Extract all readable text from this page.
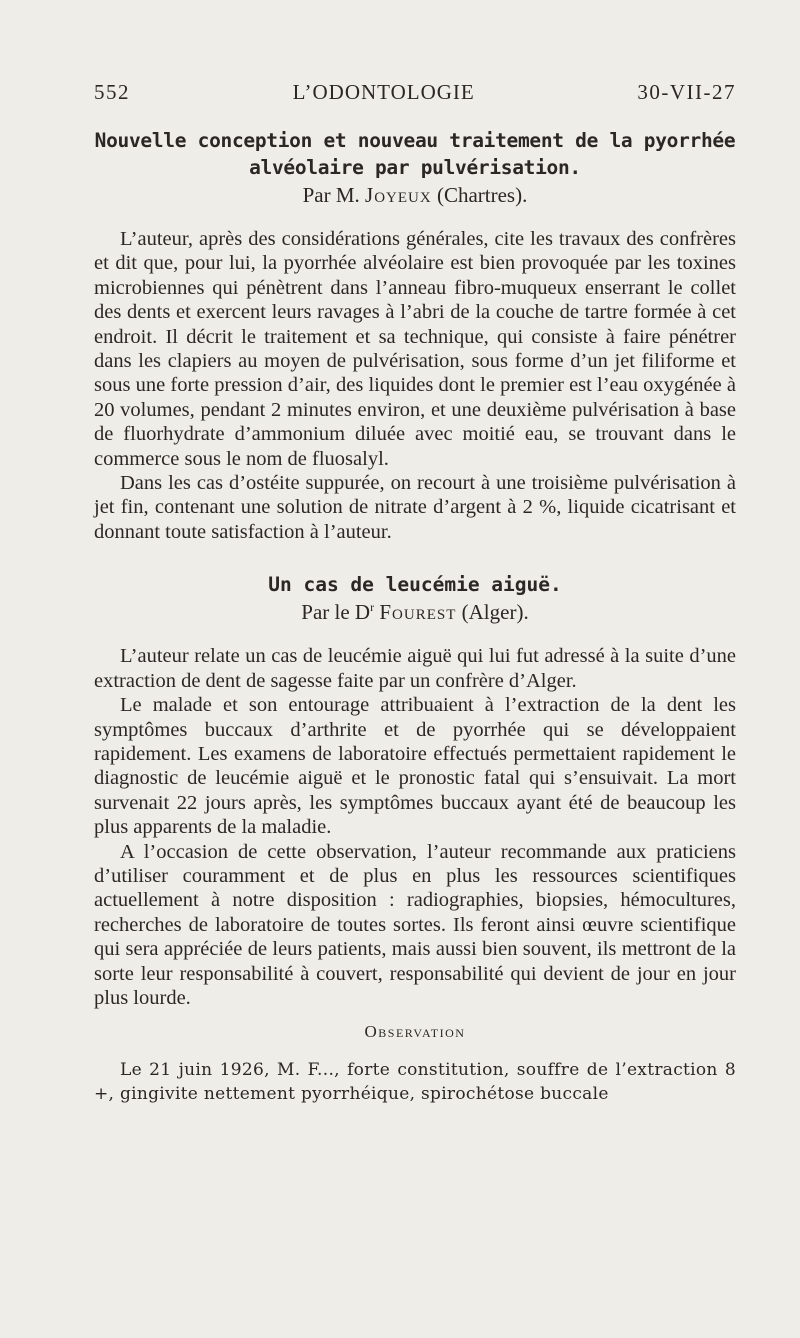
552	L’ODONTOLOGIE	30-VII-27
Nouvelle conception et nouveau traitement de la pyorrhée
alvéolaire par pulvérisation.

Par M. Joyeux (Chartres).

L’auteur, après des considérations générales, cite les travaux des confrères et dit que, pour lui, la pyorrhée alvéolaire est bien provoquée par les toxines microbiennes qui pénètrent dans l’anneau fibro-muqueux enserrant le collet des dents et exercent leurs ravages à l’abri de la couche de tartre formée à cet endroit. Il décrit le traitement et sa technique, qui consiste à faire pénétrer dans les clapiers au moyen de pulvérisation, sous forme d’un jet filiforme et sous une forte pression d’air, des liquides dont le premier est l’eau oxygénée à 20 volumes, pendant 2 minutes environ, et une deuxième pulvérisation à base de fluorhydrate d’ammonium diluée avec moitié eau, se trouvant dans le commerce sous le nom de fluosalyl.

Dans les cas d’ostéite suppurée, on recourt à une troisième pulvérisation à jet fin, contenant une solution de nitrate d’argent à 2 %, liquide cicatrisant et donnant toute satisfaction à l’auteur.

Un cas de leucémie aiguë.

Par le $D^r$ Fourest (Alger).

L’auteur relate un cas de leucémie aiguë qui lui fut adressé à la suite d’une extraction de dent de sagesse faite par un confrère d’Alger.

Le malade et son entourage attribuaient à l’extraction de la dent les symptômes buccaux d’arthrite et de pyorrhée qui se développaient rapidement. Les examens de laboratoire effectués permettaient rapidement le diagnostic de leucémie aiguë et le pronostic fatal qui s’ensuivait. La mort survenait 22 jours après, les symptômes buccaux ayant été de beaucoup les plus apparents de la maladie.

A l’occasion de cette observation, l’auteur recommande aux praticiens d’utiliser couramment et de plus en plus les ressources scientifiques actuellement à notre disposition : radiographies, biopsies, hémocultures, recherches de laboratoire de toutes sortes. Ils feront ainsi œuvre scientifique qui sera appréciée de leurs patients, mais aussi bien souvent, ils mettront de la sorte leur responsabilité à couvert, responsabilité qui devient de jour en jour plus lourde.

Observation

Le 21 juin 1926, M. F..., forte constitution, souffre de l’extraction 8 +, gingivite nettement pyorrhéique, spirochétose buccale
